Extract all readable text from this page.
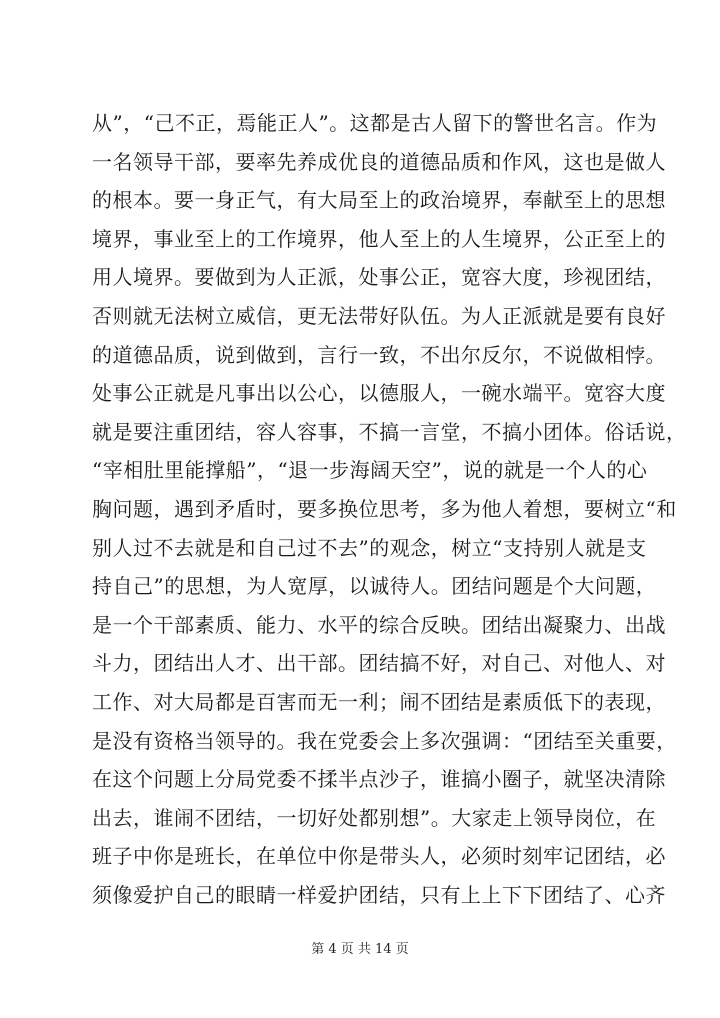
从”，“己不正，焉能正人”。这都是古人留下的警世名言。作为
一名领导干部，要率先养成优良的道德品质和作风，这也是做人
的根本。要一身正气，有大局至上的政治境界，奉献至上的思想
境界，事业至上的工作境界，他人至上的人生境界，公正至上的
用人境界。要做到为人正派，处事公正，宽容大度，珍视团结，
否则就无法树立威信，更无法带好队伍。为人正派就是要有良好
的道德品质，说到做到，言行一致，不出尔反尔，不说做相悖。
处事公正就是凡事出以公心，以德服人，一碗水端平。宽容大度
就是要注重团结，容人容事，不搞一言堂，不搞小团体。俗话说，
“宰相肚里能撑船”，“退一步海阔天空”，说的就是一个人的心
胸问题，遇到矛盾时，要多换位思考，多为他人着想，要树立“和
别人过不去就是和自己过不去”的观念，树立“支持别人就是支
持自己”的思想，为人宽厚，以诚待人。团结问题是个大问题，
是一个干部素质、能力、水平的综合反映。团结出凝聚力、出战
斗力，团结出人才、出干部。团结搞不好，对自己、对他人、对
工作、对大局都是百害而无一利；闹不团结是素质低下的表现，
是没有资格当领导的。我在党委会上多次强调：“团结至关重要，
在这个问题上分局党委不揉半点沙子，谁搞小圈子，就坚决清除
出去，谁闹不团结，一切好处都别想”。大家走上领导岗位，在
班子中你是班长，在单位中你是带头人，必须时刻牢记团结，必
须像爱护自己的眼睛一样爱护团结，只有上上下下团结了、心齐
第 4 页 共 14 页
